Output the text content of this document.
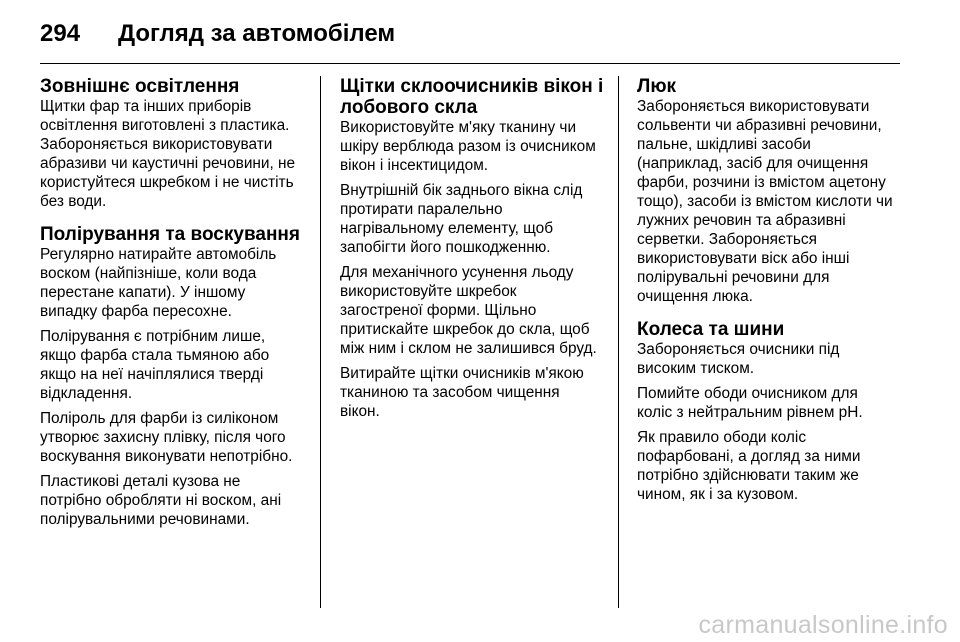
294	Догляд за автомобілем
Зовнішнє освітлення

Щитки фар та інших приборів
освітлення виготовлені з пластика.
Забороняється використовувати
абразиви чи каустичні речовини, не
користуйтеся шкребком і не чистіть
без води.

Полірування та воскування

Регулярно натирайте автомобіль
воском (найпізніше, коли вода
перестане капати). У іншому
випадку фарба пересохне.

Полірування є потрібним лише,
якщо фарба стала тьмяною або
якщо на неї начіплялися тверді
відкладення.

Поліроль для фарби із силіконом
утворює захисну плівку, після чого
воскування виконувати непотрібно.

Пластикові деталі кузова не
потрібно обробляти ні воском, ані
полірувальними речовинами.

Щітки склоочисників вікон і
лобового скла

Використовуйте м'яку тканину чи
шкіру верблюда разом із очисником
вікон і інсектицидом.

Внутрішній бік заднього вікна слід
протирати паралельно
нагрівальному елементу, щоб
запобігти його пошкодженню.

Для механічного усунення льоду
використовуйте шкребок
загостреної форми. Щільно
притискайте шкребок до скла, щоб
між ним і склом не залишився бруд.

Витирайте щітки очисників м'якою
тканиною та засобом чищення
вікон.

Люк

Забороняється використовувати
сольвенти чи абразивні речовини,
пальне, шкідливі засоби
(наприклад, засіб для очищення
фарби, розчини із вмістом ацетону
тощо), засоби із вмістом кислоти чи
лужних речовин та абразивні
серветки. Забороняється
використовувати віск або інші
полірувальні речовини для
очищення люка.

Колеса та шини

Забороняється очисники під
високим тиском.

Помийте ободи очисником для
коліс з нейтральним рівнем pH.

Як правило ободи коліс
пофарбовані, а догляд за ними
потрібно здійснювати таким же
чином, як і за кузовом.

carmanualsonline.info
